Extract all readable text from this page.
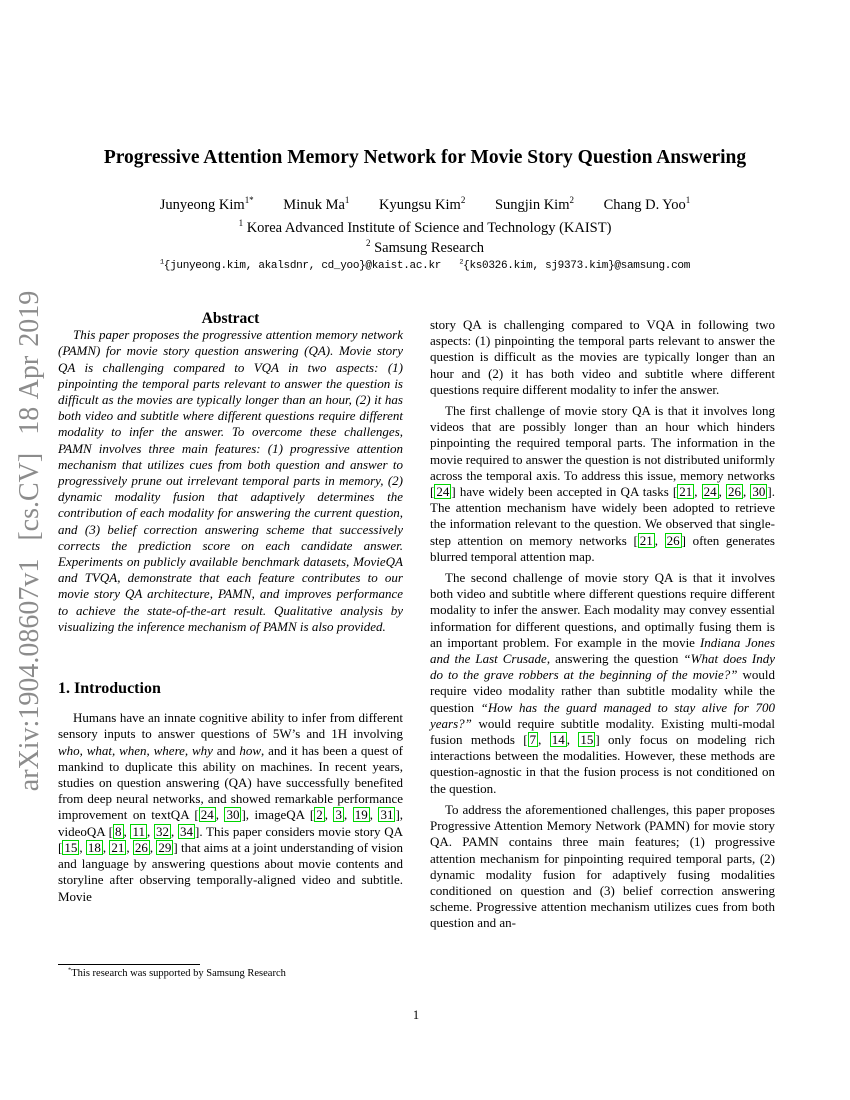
arXiv:1904.08607v1  [cs.CV]  18 Apr 2019
Progressive Attention Memory Network for Movie Story Question Answering
Junyeong Kim$^{1*}$ Minuk Ma$^1$ Kyungsu Kim$^2$ Sungjin Kim$^2$ Chang D. Yoo$^1$
$^1$ Korea Advanced Institute of Science and Technology (KAIST)
$^2$ Samsung Research
$^1${junyeong.kim, akalsdnr, cd_yoo}@kaist.ac.kr	$^2${ks0326.kim, sj9373.kim}@samsung.com

Abstract

This paper proposes the progressive attention memory network (PAMN) for movie story question answering (QA). Movie story QA is challenging compared to VQA in two aspects: (1) pinpointing the temporal parts relevant to answer the question is difficult as the movies are typically longer than an hour, (2) it has both video and subtitle where different questions require different modality to infer the answer. To overcome these challenges, PAMN involves three main features: (1) progressive attention mechanism that utilizes cues from both question and answer to progressively prune out irrelevant temporal parts in memory, (2) dynamic modality fusion that adaptively determines the contribution of each modality for answering the current question, and (3) belief correction answering scheme that successively corrects the prediction score on each candidate answer. Experiments on publicly available benchmark datasets, MovieQA and TVQA, demonstrate that each feature contributes to our movie story QA architecture, PAMN, and improves performance to achieve the state-of-the-art result. Qualitative analysis by visualizing the inference mechanism of PAMN is also provided.

1. Introduction

Humans have an innate cognitive ability to infer from different sensory inputs to answer questions of 5W’s and 1H involving who, what, when, where, why and how, and it has been a quest of mankind to duplicate this ability on machines. In recent years, studies on question answering (QA) have successfully benefited from deep neural networks, and showed remarkable performance improvement on textQA [ 24 , 30 ], imageQA [ 2 , 3 , 19 , 31 ], videoQA [ 8 , 11 , 32 , 34 ]. This paper considers movie story QA [ 15 , 18 , 21 , 26 , 29 ] that aims at a joint understanding of vision and language by answering questions about movie contents and storyline after observing temporally-aligned video and subtitle. Movie

story QA is challenging compared to VQA in following two aspects: (1) pinpointing the temporal parts relevant to answer the question is difficult as the movies are typically longer than an hour and (2) it has both video and subtitle where different questions require different modality to infer the answer.

The first challenge of movie story QA is that it involves long videos that are possibly longer than an hour which hinders pinpointing the required temporal parts. The information in the movie required to answer the question is not distributed uniformly across the temporal axis. To address this issue, memory networks [ 24 ] have widely been accepted in QA tasks [ 21 , 24 , 26 , 30 ]. The attention mechanism have widely been adopted to retrieve the information relevant to the question. We observed that single-step attention on memory networks [ 21 , 26 ] often generates blurred temporal attention map.

The second challenge of movie story QA is that it involves both video and subtitle where different questions require different modality to infer the answer. Each modality may convey essential information for different questions, and optimally fusing them is an important problem. For example in the movie Indiana Jones and the Last Crusade, answering the question “What does Indy do to the grave robbers at the beginning of the movie?” would require video modality rather than subtitle modality while the question “How has the guard managed to stay alive for 700 years?” would require subtitle modality. Existing multi-modal fusion methods [ 7 , 14 , 15 ] only focus on modeling rich interactions between the modalities. However, these methods are question-agnostic in that the fusion process is not conditioned on the question.

To address the aforementioned challenges, this paper proposes Progressive Attention Memory Network (PAMN) for movie story QA. PAMN contains three main features; (1) progressive attention mechanism for pinpointing required temporal parts, (2) dynamic modality fusion for adaptively fusing modalities conditioned on question and (3) belief correction answering scheme. Progressive attention mechanism utilizes cues from both question and an-

*This research was supported by Samsung Research
1
